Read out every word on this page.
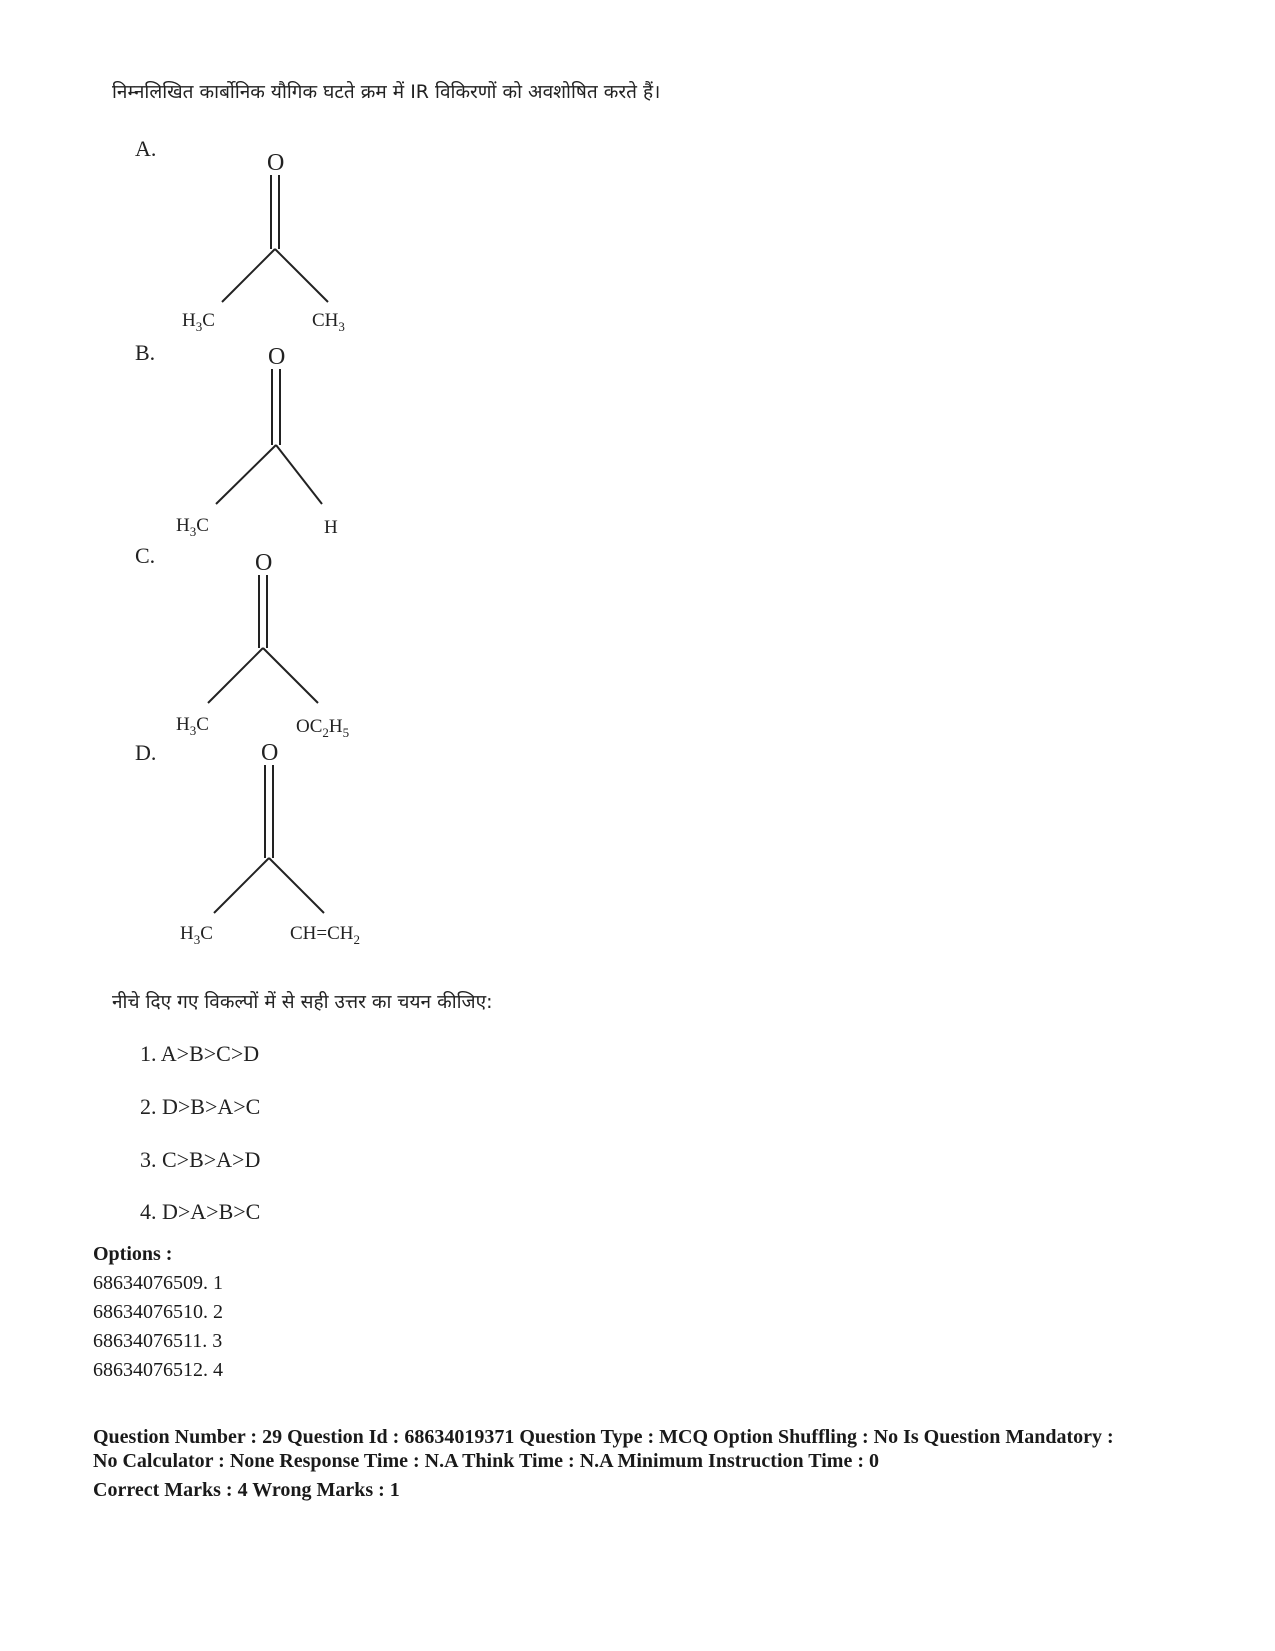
निम्नलिखित कार्बोनिक यौगिक घटते क्रम में IR विकिरणों को अवशोषित करते हैं।
A.
O
$H_3C$	$CH_3$
B.	O
$H_3C$	H
C.	O
$H_3C$	$OC_2H_5$
D.	O
$H_3C$	$CH=CH_2$
नीचे दिए गए विकल्पों में से सही उत्तर का चयन कीजिए:
1. A>B>C>D
2. D>B>A>C
3. C>B>A>D
4. D>A>B>C
Options :
68634076509. 1
68634076510. 2
68634076511. 3
68634076512. 4
Question Number : 29 Question Id : 68634019371 Question Type : MCQ Option Shuffling : No Is Question Mandatory :
No Calculator : None Response Time : N.A Think Time : N.A Minimum Instruction Time : 0
Correct Marks : 4 Wrong Marks : 1
